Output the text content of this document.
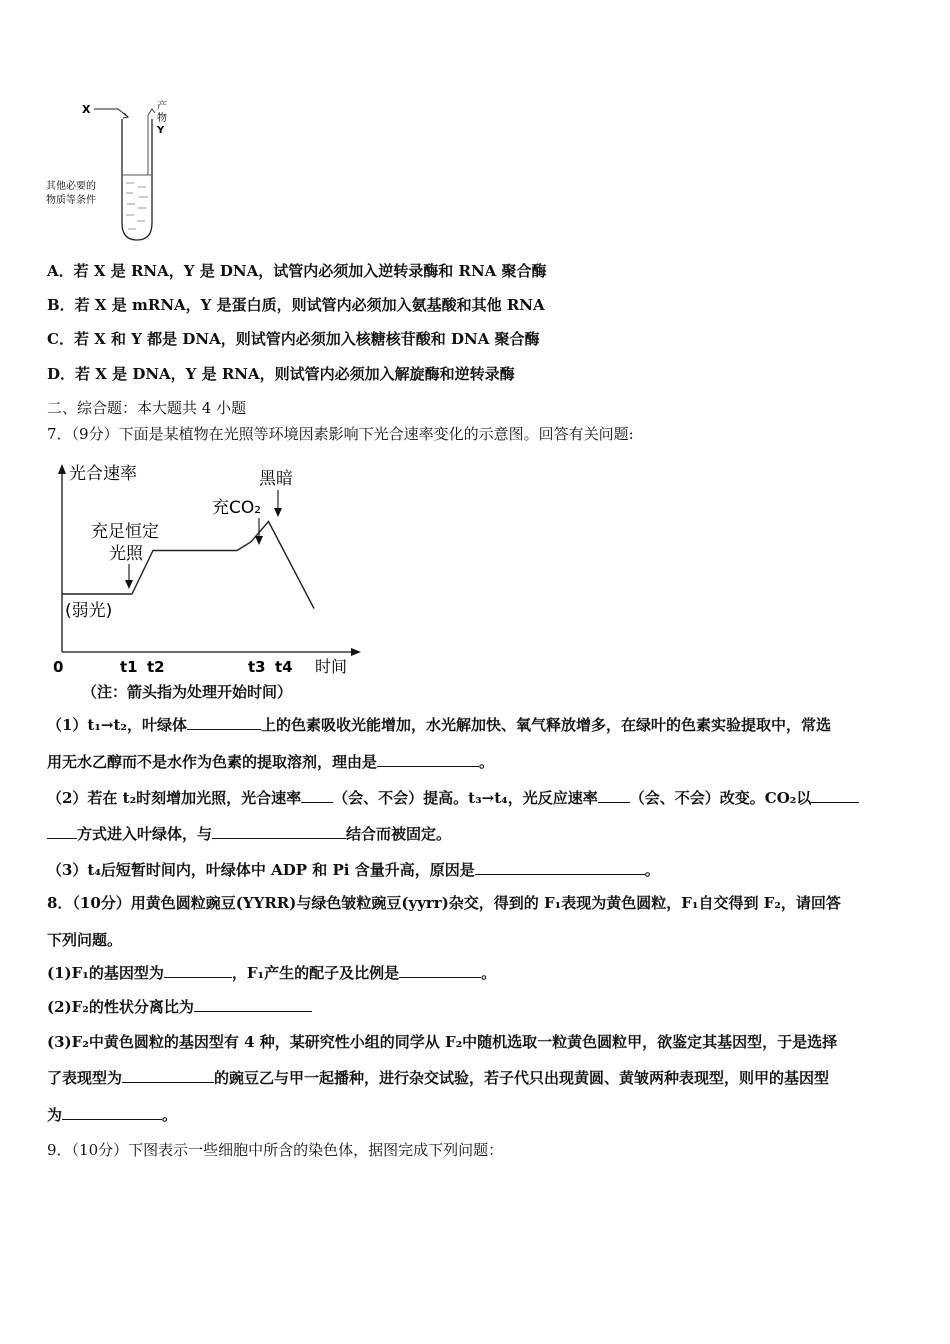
X	产
物
Y
其他必要的
物质等条件
A．若 X 是 RNA，Y 是 DNA，试管内必须加入逆转录酶和 RNA 聚合酶
B．若 X 是 mRNA，Y 是蛋白质，则试管内必须加入氨基酸和其他 RNA
C．若 X 和 Y 都是 DNA，则试管内必须加入核糖核苷酸和 DNA 聚合酶
D．若 X 是 DNA，Y 是 RNA，则试管内必须加入解旋酶和逆转录酶
二、综合题：本大题共 4 小题
7．（9分）下面是某植物在光照等环境因素影响下光合速率变化的示意图。回答有关问题:
光合速率
时间
0	t1 t2	t3 t4
充足恒定
光照
充CO₂
黑暗
(弱光)
（注：箭头指为处理开始时间）
（1）t₁→t₂，叶绿体	上的色素吸收光能增加，水光解加快、氧气释放增多，在绿叶的色素实验提取中，常选
用无水乙醇而不是水作为色素的提取溶剂，理由是	。
（2）若在 t₂时刻增加光照，光合速率 （会、不会）提高。t₃→t₄，光反应速率 （会、不会）改变。CO₂以
方式进入叶绿体，与	结合而被固定。
（3）t₄后短暂时间内，叶绿体中 ADP 和 Pi 含量升高，原因是	。
8．（10分）用黄色圆粒豌豆(YYRR)与绿色皱粒豌豆(yyrr)杂交，得到的 F₁表现为黄色圆粒，F₁自交得到 F₂，请回答
下列问题。
(1)F₁的基因型为	，F₁产生的配子及比例是	。
(2)F₂的性状分离比为
(3)F₂中黄色圆粒的基因型有 4 种，某研究性小组的同学从 F₂中随机选取一粒黄色圆粒甲，欲鉴定其基因型，于是选择
了表现型为	的豌豆乙与甲一起播种，进行杂交试验，若子代只出现黄圆、黄皱两种表现型，则甲的基因型
为	。
9．（10分）下图表示一些细胞中所含的染色体，据图完成下列问题：
